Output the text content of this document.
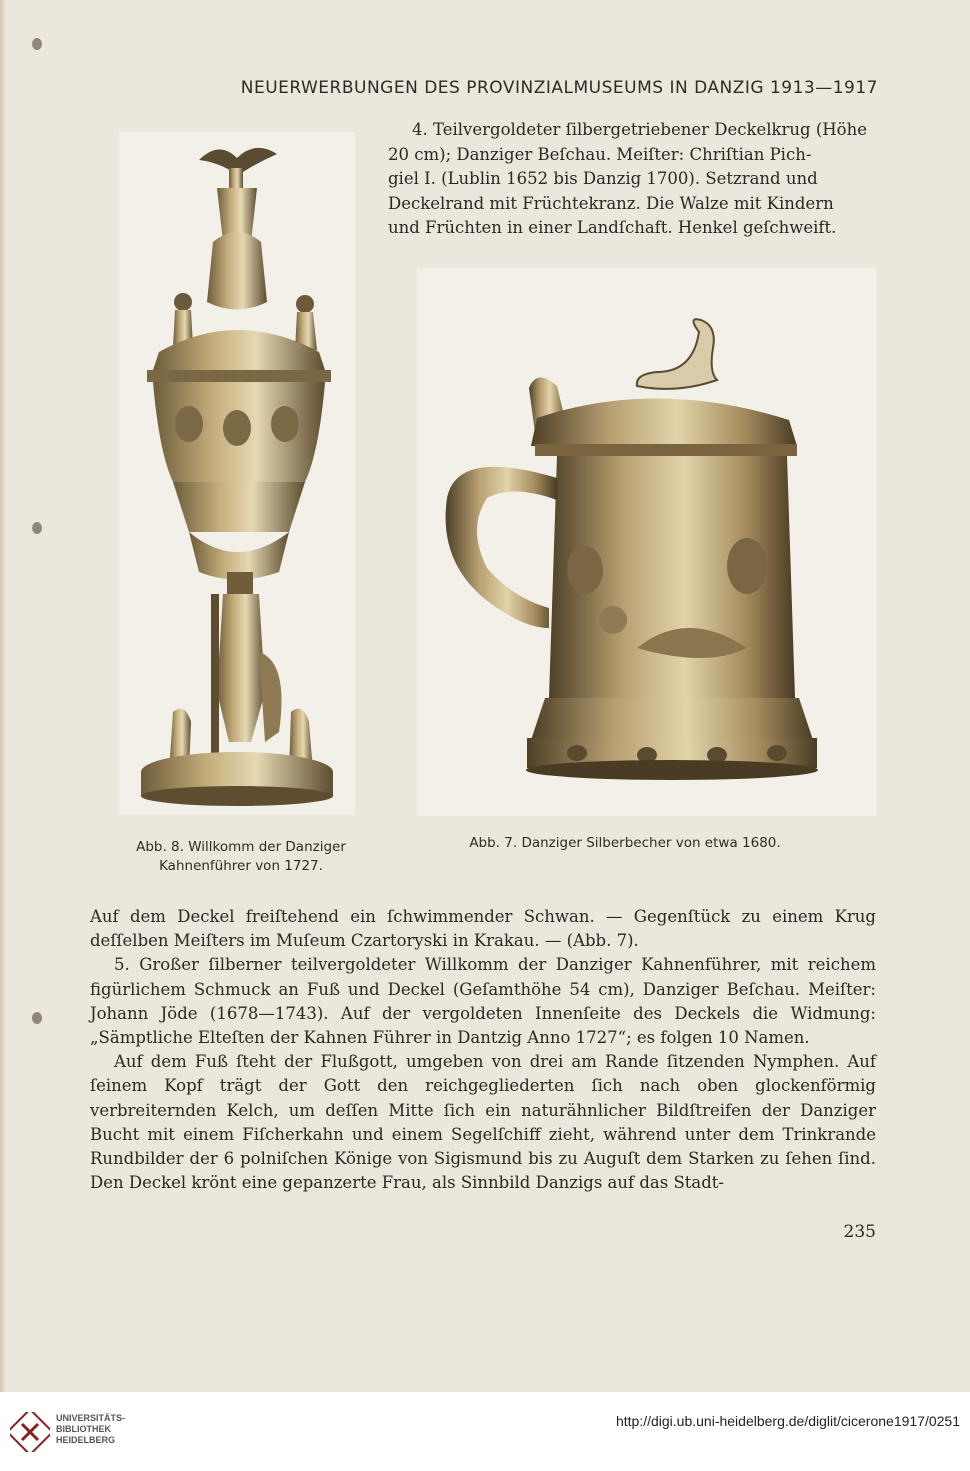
NEUERWERBUNGEN DES PROVINZIALMUSEUMS IN DANZIG 1913—1917
4. Teilvergoldeter ſilbergetriebener Deckelkrug (Höhe
20 cm); Danziger Beſchau. Meiſter: Chriſtian Pich-
giel I. (Lublin 1652 bis Danzig 1700). Setzrand und
Deckelrand mit Früchtekranz. Die Walze mit Kindern
und Früchten in einer Landſchaft. Henkel geſchweift.
Abb. 8. Willkomm der Danziger
Kahnenführer von 1727.
Abb. 7. Danziger Silberbecher von etwa 1680.

Auf dem Deckel freiſtehend ein ſchwimmender Schwan. — Gegenſtück zu einem Krug deſſelben Meiſters im Muſeum Czartoryski in Krakau. — (Abb. 7).

5. Großer ſilberner teilvergoldeter Willkomm der Danziger Kahnenführer, mit reichem figürlichem Schmuck an Fuß und Deckel (Geſamthöhe 54 cm), Danziger Beſchau. Meiſter: Johann Jöde (1678—1743). Auf der vergoldeten Innenſeite des Deckels die Widmung: „Sämptliche Elteſten der Kahnen Führer in Dantzig Anno 1727“; es folgen 10 Namen.

Auf dem Fuß ſteht der Flußgott, umgeben von drei am Rande ſitzenden Nymphen. Auf ſeinem Kopf trägt der Gott den reichgegliederten ſich nach oben glockenförmig verbreiternden Kelch, um deſſen Mitte ſich ein naturähnlicher Bildſtreifen der Danziger Bucht mit einem Fiſcherkahn und einem Segelſchiff zieht, während unter dem Trinkrande Rundbilder der 6 polniſchen Könige von Sigismund bis zu Auguſt dem Starken zu ſehen ſind. Den Deckel krönt eine gepanzerte Frau, als Sinnbild Danzigs auf das Stadt-

235
UNIVERSITÄTS-
BIBLIOTHEK
HEIDELBERG
http://digi.ub.uni-heidelberg.de/diglit/cicerone1917/0251
